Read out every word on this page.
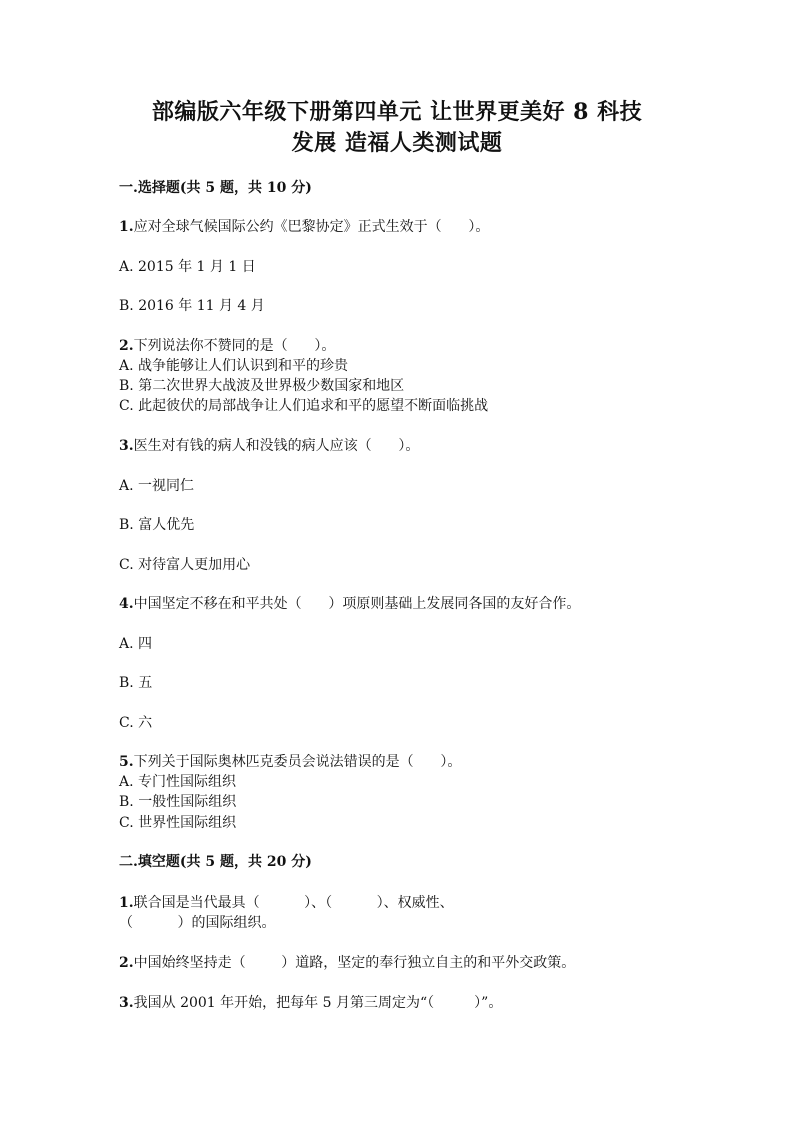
部编版六年级下册第四单元 让世界更美好 8 科技
发展 造福人类测试题
一.选择题(共 5 题，共 10 分)
1.应对全球气候国际公约《巴黎协定》正式生效于（      ）。
A. 2015 年 1 月 1 日
B. 2016 年 11 月 4 月
2.下列说法你不赞同的是（      ）。
A. 战争能够让人们认识到和平的珍贵
B. 第二次世界大战波及世界极少数国家和地区
C. 此起彼伏的局部战争让人们追求和平的愿望不断面临挑战
3.医生对有钱的病人和没钱的病人应该（      ）。
A. 一视同仁
B. 富人优先
C. 对待富人更加用心
4.中国坚定不移在和平共处（      ）项原则基础上发展同各国的友好合作。
A. 四
B. 五
C. 六
5.下列关于国际奥林匹克委员会说法错误的是（      ）。
A. 专门性国际组织
B. 一般性国际组织
C. 世界性国际组织
二.填空题(共 5 题，共 20 分)
1.联合国是当代最具（          ）、（          ）、权威性、
（          ）的国际组织。
2.中国始终坚持走（        ）道路，坚定的奉行独立自主的和平外交政策。
3.我国从 2001 年开始，把每年 5 月第三周定为“（         ）”。
